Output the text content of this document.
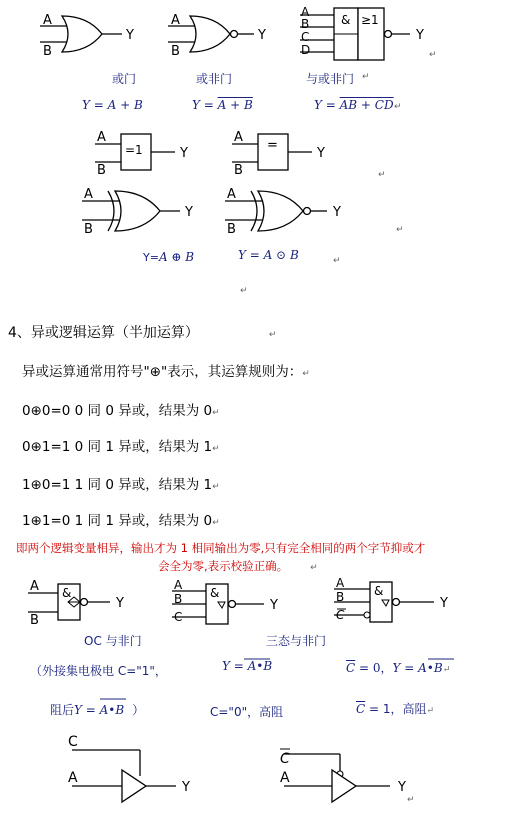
A
B
Y
A
B
Y
& ≥1
A
B
C
D
Y
↵
或门	或非门	与或非门 ↵
Y = A + B	Y = A + B	Y = AB + CD ↵
=1
A
B
Y
=
A
B
Y
↵
A
B
Y
A
B
Y
↵
Y=A ⊕ B	Y = A ⊙ B	↵
↵
4、异或逻辑运算（半加运算）	↵
异或运算通常用符号"⊕"表示，其运算规则为：↵
0⊕0=0 0 同 0 异或，结果为 0↵
0⊕1=1 0 同 1 异或，结果为 1↵
1⊕0=1 1 同 0 异或，结果为 1↵
1⊕1=0 1 同 1 异或，结果为 0↵
即两个逻辑变量相异，输出才为 1 相同输出为零,只有完全相同的两个字节抑或才
会全为零,表示校验正确。 ↵
&
A
B
Y
&
A
B
C
Y
&
A
B
C
Y
OC 与非门	三态与非门
（外接集电极电 C="1"，	Y = A•B	$\overline{C} = 0$，Y = A•B↵
阻后Y = A•B ）	C="0"，高阻	$\overline{C} = 1$，高阻↵
C
A
Y
C
A
Y
↵
